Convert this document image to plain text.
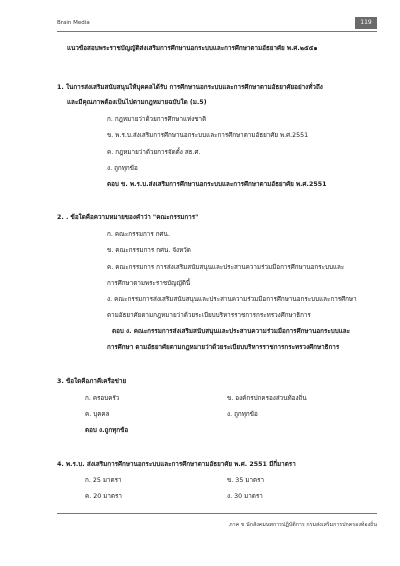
Brain Media	119
แนวข้อสอบพระราชบัญญัติส่งเสริมการศึกษานอกระบบและการศึกษาตามอัธยาศัย พ.ศ.๒๕๕๑
1. ในการส่งเสริมสนับสนุนให้บุคคลได้รับ การศึกษานอกระบบและการศึกษาตามอัธยาศัยอย่างทั่วถึง
และมีคุณภาพต้องเป็นไปตามกฎหมายฉบับใด (ม.5)
ก. กฎหมายว่าด้วยการศึกษาแห่งชาติ
ข. พ.ร.บ.ส่งเสริมการศึกษานอกระบบและการศึกษาตามอัธยาศัย พ.ศ.2551
ค. กฎหมายว่าด้วยการจัดตั้ง สธ.ศ.
ง. ถูกทุกข้อ
ตอบ ข. พ.ร.บ.ส่งเสริมการศึกษานอกระบบและการศึกษาตามอัธยาศัย พ.ศ.2551
2. . ข้อใดคือความหมายของคำว่า "คณะกรรมการ"
ก. คณะกรรมการ กศน.
ข. คณะกรรมการ กศน. จังหวัด
ค. คณะกรรมการ การส่งเสริมสนับสนุนและประสานความร่วมมือการศึกษานอกระบบและ
การศึกษาตามพระราชบัญญัตินี้
ง. คณะกรรมการส่งเสริมสนับสนุนและประสานความร่วมมือการศึกษานอกระบบและการศึกษา
ตามอัธยาศัยตามกฎหมายว่าด้วยระเบียบบริหารราชการกระทรวงศึกษาธิการ
ตอบ ง. คณะกรรมการส่งเสริมสนับสนุนและประสานความร่วมมือการศึกษานอกระบบและ
การศึกษา ตามอัธยาศัยตามกฎหมายว่าด้วยระเบียบบริหารราชการกระทรวงศึกษาธิการ
3. ข้อใดคือภาคีเครือข่าย
ก. ครอบครัว	ข. องค์กรปกครองส่วนท้องถิ่น
ค. บุคคล	ง. ถูกทุกข้อ
ตอบ ง.ถูกทุกข้อ
4. พ.ร.บ. ส่งเสริมการศึกษานอกระบบและการศึกษาตามอัธยาศัย พ.ศ. 2551 มีกี่มาตรา
ก. 25 มาตรา	ข. 35 มาตรา
ค. 20 มาตรา	ง. 30 มาตรา
ภาค ข นักสังคมนทการปฏิบัติการ กรมส่งเสริมการปกครองท้องถิ่น
